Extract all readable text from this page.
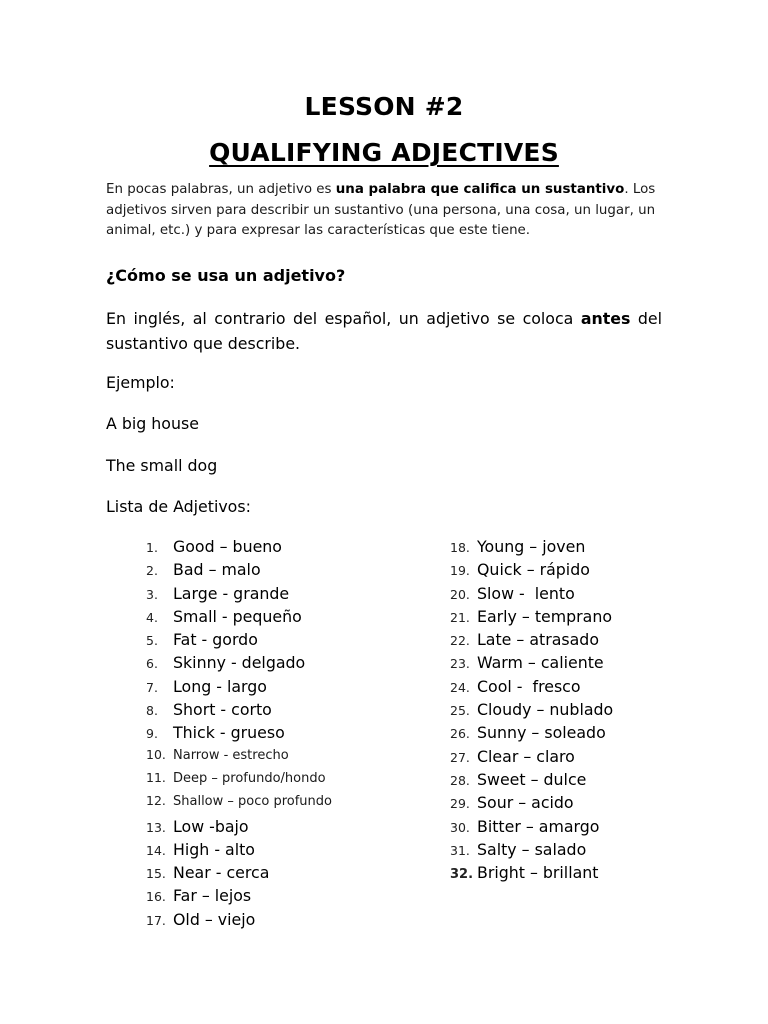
LESSON #2
QUALIFYING ADJECTIVES

En pocas palabras, un adjetivo es una palabra que califica un sustantivo. Los adjetivos sirven para describir un sustantivo (una persona, una cosa, un lugar, un animal, etc.) y para expresar las características que este tiene.

¿Cómo se usa un adjetivo?

En inglés, al contrario del español, un adjetivo se coloca antes del sustantivo que describe.

Ejemplo:
A big house
The small dog
Lista de Adjetivos:
1. Good – bueno
2. Bad – malo
3. Large - grande
4. Small - pequeño
5. Fat - gordo
6. Skinny - delgado
7. Long - largo
8. Short - corto
9. Thick - grueso
10. Narrow - estrecho
11. Deep – profundo/hondo
12. Shallow – poco profundo
13. Low -bajo
14. High - alto
15. Near - cerca
16. Far – lejos
17. Old – viejo
18. Young – joven
19. Quick – rápido
20. Slow -  lento
21. Early – temprano
22. Late – atrasado
23. Warm – caliente
24. Cool -  fresco
25. Cloudy – nublado
26. Sunny – soleado
27. Clear – claro
28. Sweet – dulce
29. Sour – acido
30. Bitter – amargo
31. Salty – salado
32. Bright – brillant
